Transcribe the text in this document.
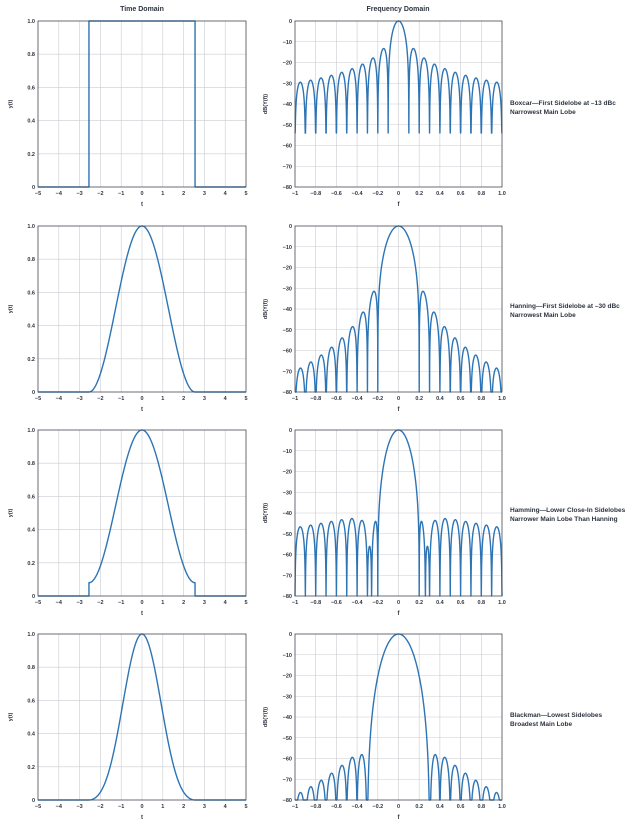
Time Domain	Frequency Domain
−5	−4	−3	−2	−1	0	1	2	3	4	5
0
0.2
0.4
0.6
0.8
1.0
t
y(t)
−1 −0.8 −0.6 −0.4 −0.2 0	0.2 0.4 0.6 0.8 1.0
−80
−70
−60
−50
−40
−30
−20
−10
0
f
dB(Y(f))
−5	−4	−3	−2	−1	0	1	2	3	4	5
0
0.2
0.4
0.6
0.8
1.0
t
y(t)
−1 −0.8 −0.6 −0.4 −0.2 0	0.2 0.4 0.6 0.8 1.0
−80
−70
−60
−50
−40
−30
−20
−10
0
f
dB(Y(f))
−5	−4	−3	−2	−1	0	1	2	3	4	5
0
0.2
0.4
0.6
0.8
1.0
t
y(t)
−1 −0.8 −0.6 −0.4 −0.2 0	0.2 0.4 0.6 0.8 1.0
−80
−70
−60
−50
−40
−30
−20
−10
0
f
dB(Y(f))
−5	−4	−3	−2	−1	0	1	2	3	4	5
0
0.2
0.4
0.6
0.8
1.0
t
y(t)
−1 −0.8 −0.6 −0.4 −0.2 0	0.2 0.4 0.6 0.8 1.0
−80
−70
−60
−50
−40
−30
−20
−10
0
f
dB(Y(f))
Boxcar—First Sidelobe at –13 dBc
Narrowest Main Lobe
Hanning—First Sidelobe at –30 dBc
Narrowest Main Lobe
Hamming—Lower Close-In Sidelobes
Narrower Main Lobe Than Hanning
Blackman—Lowest Sidelobes
Broadest Main Lobe
